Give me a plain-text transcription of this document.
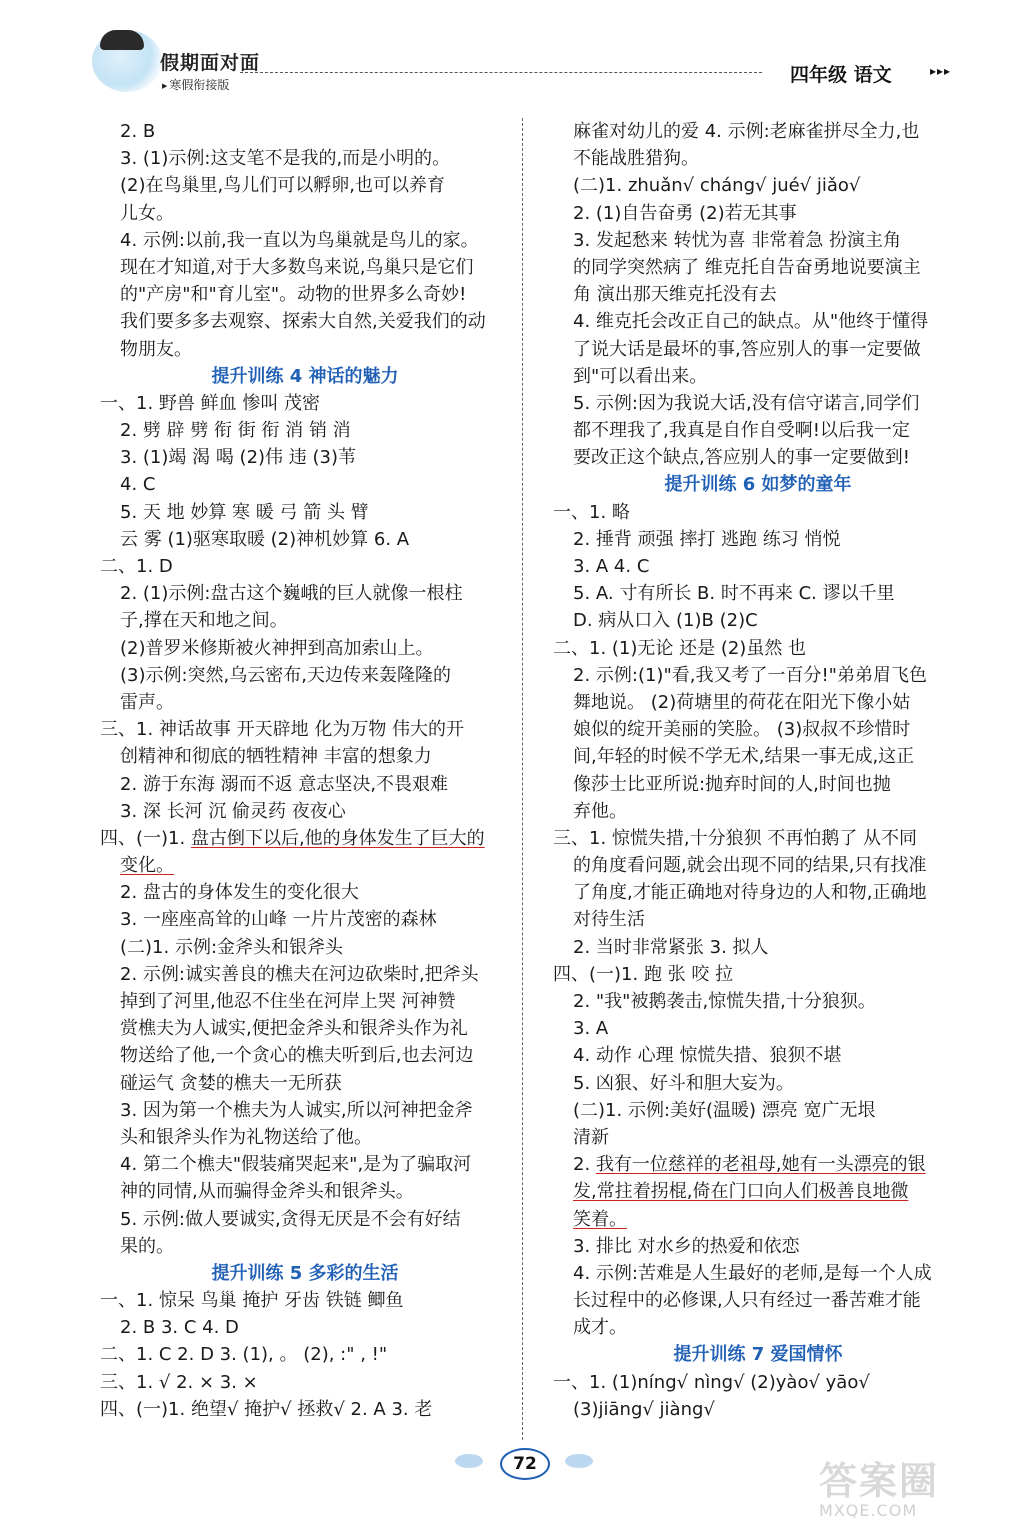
假期面对面
▶ 寒假衔接版	四年级 语文	▸▸▸
2. B
3. (1)示例:这支笔不是我的,而是小明的。
(2)在鸟巢里,鸟儿们可以孵卵,也可以养育
儿女。
4. 示例:以前,我一直以为鸟巢就是鸟儿的家。
现在才知道,对于大多数鸟来说,鸟巢只是它们
的"产房"和"育儿室"。动物的世界多么奇妙!
我们要多多去观察、探索大自然,关爱我们的动
物朋友。
提升训练 4 神话的魅力
一、1. 野兽 鲜血 惨叫 茂密
2. 劈 辟 劈 衔 街 衔 消 销 消
3. (1)竭 渴 喝 (2)伟 违 (3)苇
4. C
5. 天 地 妙算 寒 暖 弓 箭 头 臂
云 雾 (1)驱寒取暖 (2)神机妙算 6. A
二、1. D
2. (1)示例:盘古这个巍峨的巨人就像一根柱
子,撑在天和地之间。
(2)普罗米修斯被火神押到高加索山上。
(3)示例:突然,乌云密布,天边传来轰隆隆的
雷声。
三、1. 神话故事 开天辟地 化为万物 伟大的开
创精神和彻底的牺牲精神 丰富的想象力
2. 游于东海 溺而不返 意志坚决,不畏艰难
3. 深 长河 沉 偷灵药 夜夜心
四、(一)1. 盘古倒下以后,他的身体发生了巨大的
变化。
2. 盘古的身体发生的变化很大
3. 一座座高耸的山峰 一片片茂密的森林
(二)1. 示例:金斧头和银斧头
2. 示例:诚实善良的樵夫在河边砍柴时,把斧头
掉到了河里,他忍不住坐在河岸上哭 河神赞
赏樵夫为人诚实,便把金斧头和银斧头作为礼
物送给了他,一个贪心的樵夫听到后,也去河边
碰运气 贪婪的樵夫一无所获
3. 因为第一个樵夫为人诚实,所以河神把金斧
头和银斧头作为礼物送给了他。
4. 第二个樵夫"假装痛哭起来",是为了骗取河
神的同情,从而骗得金斧头和银斧头。
5. 示例:做人要诚实,贪得无厌是不会有好结
果的。
提升训练 5 多彩的生活
一、1. 惊呆 鸟巢 掩护 牙齿 铁链 鲫鱼
2. B 3. C 4. D
二、1. C 2. D 3. (1), 。 (2), :" , !"
三、1. √ 2. × 3. ×
四、(一)1. 绝望√ 掩护√ 拯救√ 2. A 3. 老
麻雀对幼儿的爱 4. 示例:老麻雀拼尽全力,也
不能战胜猎狗。
(二)1. zhuǎn√ cháng√ jué√ jiǎo√
2. (1)自告奋勇 (2)若无其事
3. 发起愁来 转忧为喜 非常着急 扮演主角
的同学突然病了 维克托自告奋勇地说要演主
角 演出那天维克托没有去
4. 维克托会改正自己的缺点。从"他终于懂得
了说大话是最坏的事,答应别人的事一定要做
到"可以看出来。
5. 示例:因为我说大话,没有信守诺言,同学们
都不理我了,我真是自作自受啊!以后我一定
要改正这个缺点,答应别人的事一定要做到!
提升训练 6 如梦的童年
一、1. 略
2. 捶背 顽强 摔打 逃跑 练习 悄悦
3. A 4. C
5. A. 寸有所长 B. 时不再来 C. 谬以千里
D. 病从口入 (1)B (2)C
二、1. (1)无论 还是 (2)虽然 也
2. 示例:(1)"看,我又考了一百分!"弟弟眉飞色
舞地说。 (2)荷塘里的荷花在阳光下像小姑
娘似的绽开美丽的笑脸。 (3)叔叔不珍惜时
间,年轻的时候不学无术,结果一事无成,这正
像莎士比亚所说:抛弃时间的人,时间也抛
弃他。
三、1. 惊慌失措,十分狼狈 不再怕鹅了 从不同
的角度看问题,就会出现不同的结果,只有找准
了角度,才能正确地对待身边的人和物,正确地
对待生活
2. 当时非常紧张 3. 拟人
四、(一)1. 跑 张 咬 拉
2. "我"被鹅袭击,惊慌失措,十分狼狈。
3. A
4. 动作 心理 惊慌失措、狼狈不堪
5. 凶狠、好斗和胆大妄为。
(二)1. 示例:美好(温暖) 漂亮 宽广无垠
清新
2. 我有一位慈祥的老祖母,她有一头漂亮的银
发,常拄着拐棍,倚在门口向人们极善良地微
笑着。
3. 排比 对水乡的热爱和依恋
4. 示例:苦难是人生最好的老师,是每一个人成
长过程中的必修课,人只有经过一番苦难才能
成才。
提升训练 7 爱国情怀
一、1. (1)níng√ nìng√ (2)yào√ yāo√
(3)jiāng√ jiàng√
72	答案圈
MXQE.COM
